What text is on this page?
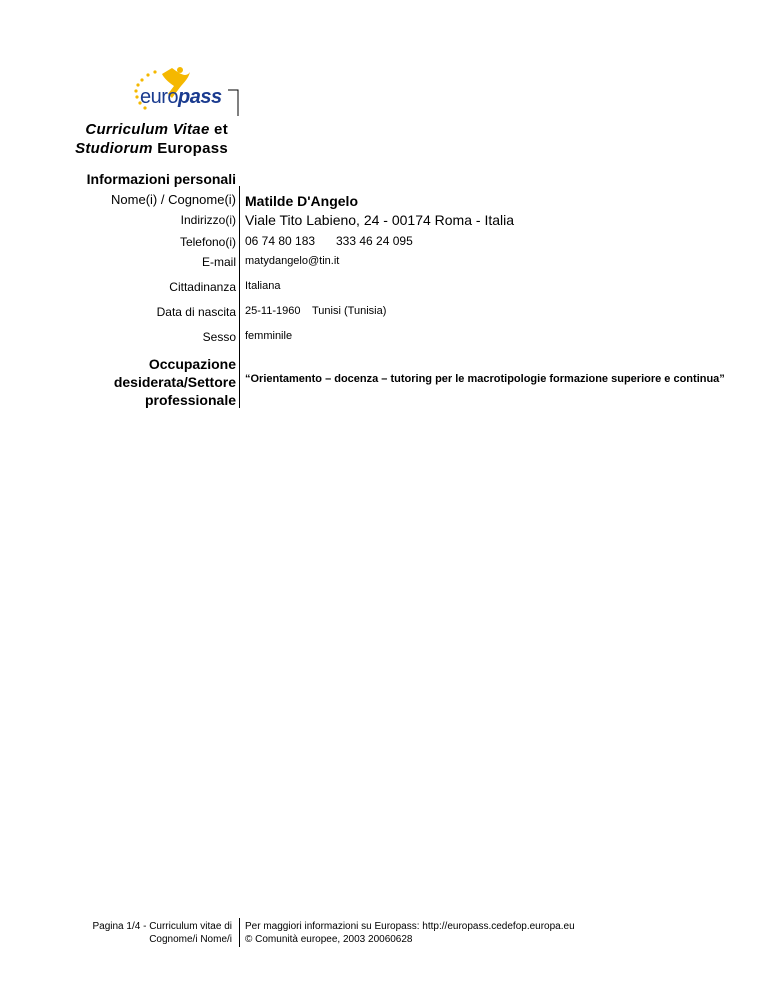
europass
Curriculum Vitae et
Studiorum Europass
Informazioni personali
Nome(i) / Cognome(i) Matilde D'Angelo
Indirizzo(i) Viale Tito Labieno, 24 - 00174 Roma - Italia
Telefono(i) 06 74 80 183 333 46 24 095
E-mail matydangelo@tin.it
Cittadinanza Italiana
Data di nascita 25-11-1960 Tunisi (Tunisia)
Sesso femminile
Occupazione
desiderata/Settore
professionale
“Orientamento – docenza – tutoring per le macrotipologie formazione superiore e continua”
Pagina 1/4 - Curriculum vitae di
Cognome/i Nome/i
Per maggiori informazioni su Europass: http://europass.cedefop.europa.eu
© Comunità europee, 2003 20060628
